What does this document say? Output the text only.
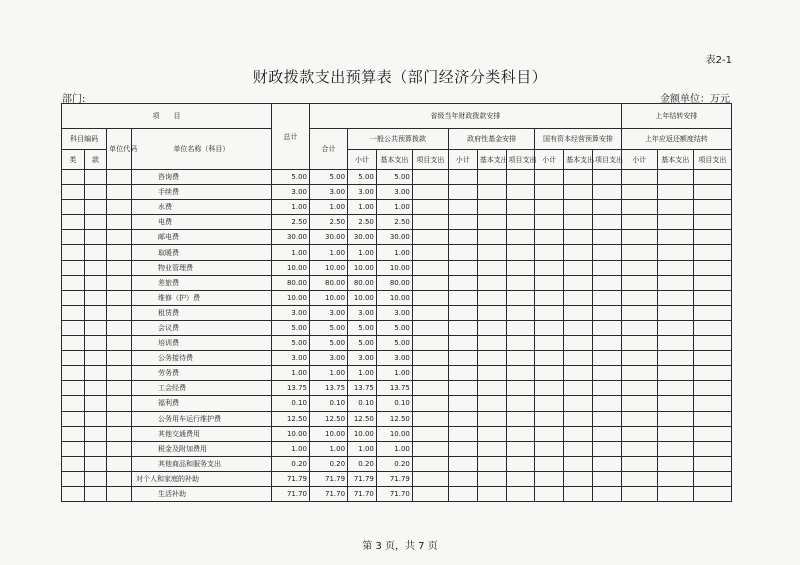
表2-1
财政拨款支出预算表（部门经济分类科目）
部门:	金额单位：万元
项　　目				总计	省级当年财政拨款安排										上年结转安排		
科目编码		单位代码	单位名称（科目）		合计	一般公共预算拨款			政府性基金安排			国有资本经营预算安排			上年应返还额度结转		
类	款					小计	基本支出	项目支出	小计	基本支出	项目支出	小计	基本支出	项目支出	小计	基本支出	项目支出
			咨询费	5.00	5.00	5.00	5.00										
			手续费	3.00	3.00	3.00	3.00										
			水费	1.00	1.00	1.00	1.00										
			电费	2.50	2.50	2.50	2.50										
			邮电费	30.00	30.00	30.00	30.00										
			取暖费	1.00	1.00	1.00	1.00										
			物业管理费	10.00	10.00	10.00	10.00										
			差旅费	80.00	80.00	80.00	80.00										
			维修（护）费	10.00	10.00	10.00	10.00										
			租赁费	3.00	3.00	3.00	3.00										
			会议费	5.00	5.00	5.00	5.00										
			培训费	5.00	5.00	5.00	5.00										
			公务接待费	3.00	3.00	3.00	3.00										
			劳务费	1.00	1.00	1.00	1.00										
			工会经费	13.75	13.75	13.75	13.75										
			福利费	0.10	0.10	0.10	0.10										
			公务用车运行维护费	12.50	12.50	12.50	12.50										
			其他交通费用	10.00	10.00	10.00	10.00										
			税金及附加费用	1.00	1.00	1.00	1.00										
			其他商品和服务支出	0.20	0.20	0.20	0.20										
			对个人和家庭的补助	71.79	71.79	71.79	71.79										
			生活补助	71.70	71.70	71.70	71.70										
第 3 页，共 7 页
